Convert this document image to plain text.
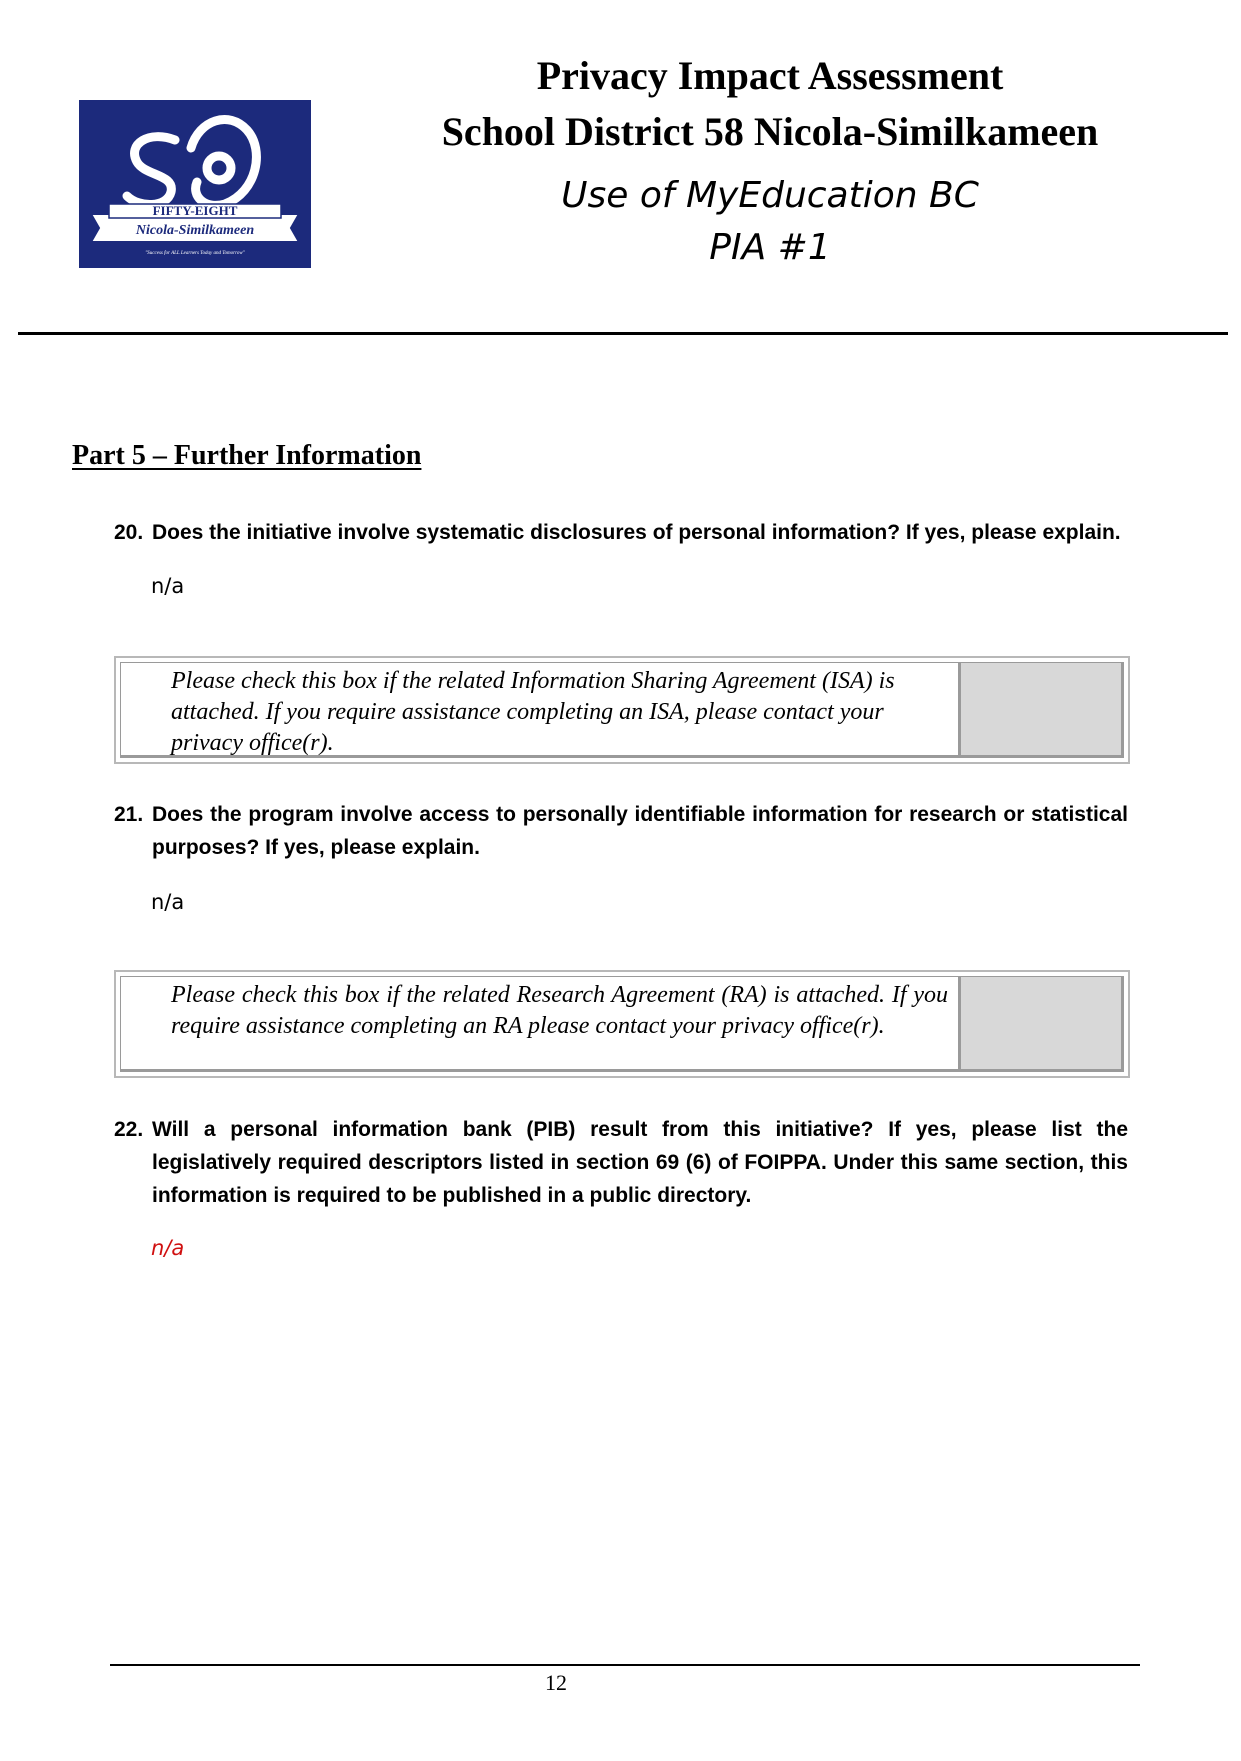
FIFTY-EIGHT
Nicola-Similkameen
"Success for ALL Learners Today and Tomorrow"

Privacy Impact Assessment

School District 58 Nicola-Similkameen

Use of MyEducation BC

PIA #1

Part 5 – Further Information
20. Does the initiative involve systematic disclosures of personal information? If yes, please explain.

n/a

Please check this box if the related Information Sharing Agreement (ISA) is attached. If you require assistance completing an ISA, please contact your privacy office(r).
21. Does the program involve access to personally identifiable information for research or statistical purposes? If yes, please explain.

n/a

Please check this box if the related Research Agreement (RA) is attached. If you require assistance completing an RA please contact your privacy office(r).
22. Will a personal information bank (PIB) result from this initiative? If yes, please list the legislatively required descriptors listed in section 69 (6) of FOIPPA. Under this same section, this information is required to be published in a public directory.

n/a

12
